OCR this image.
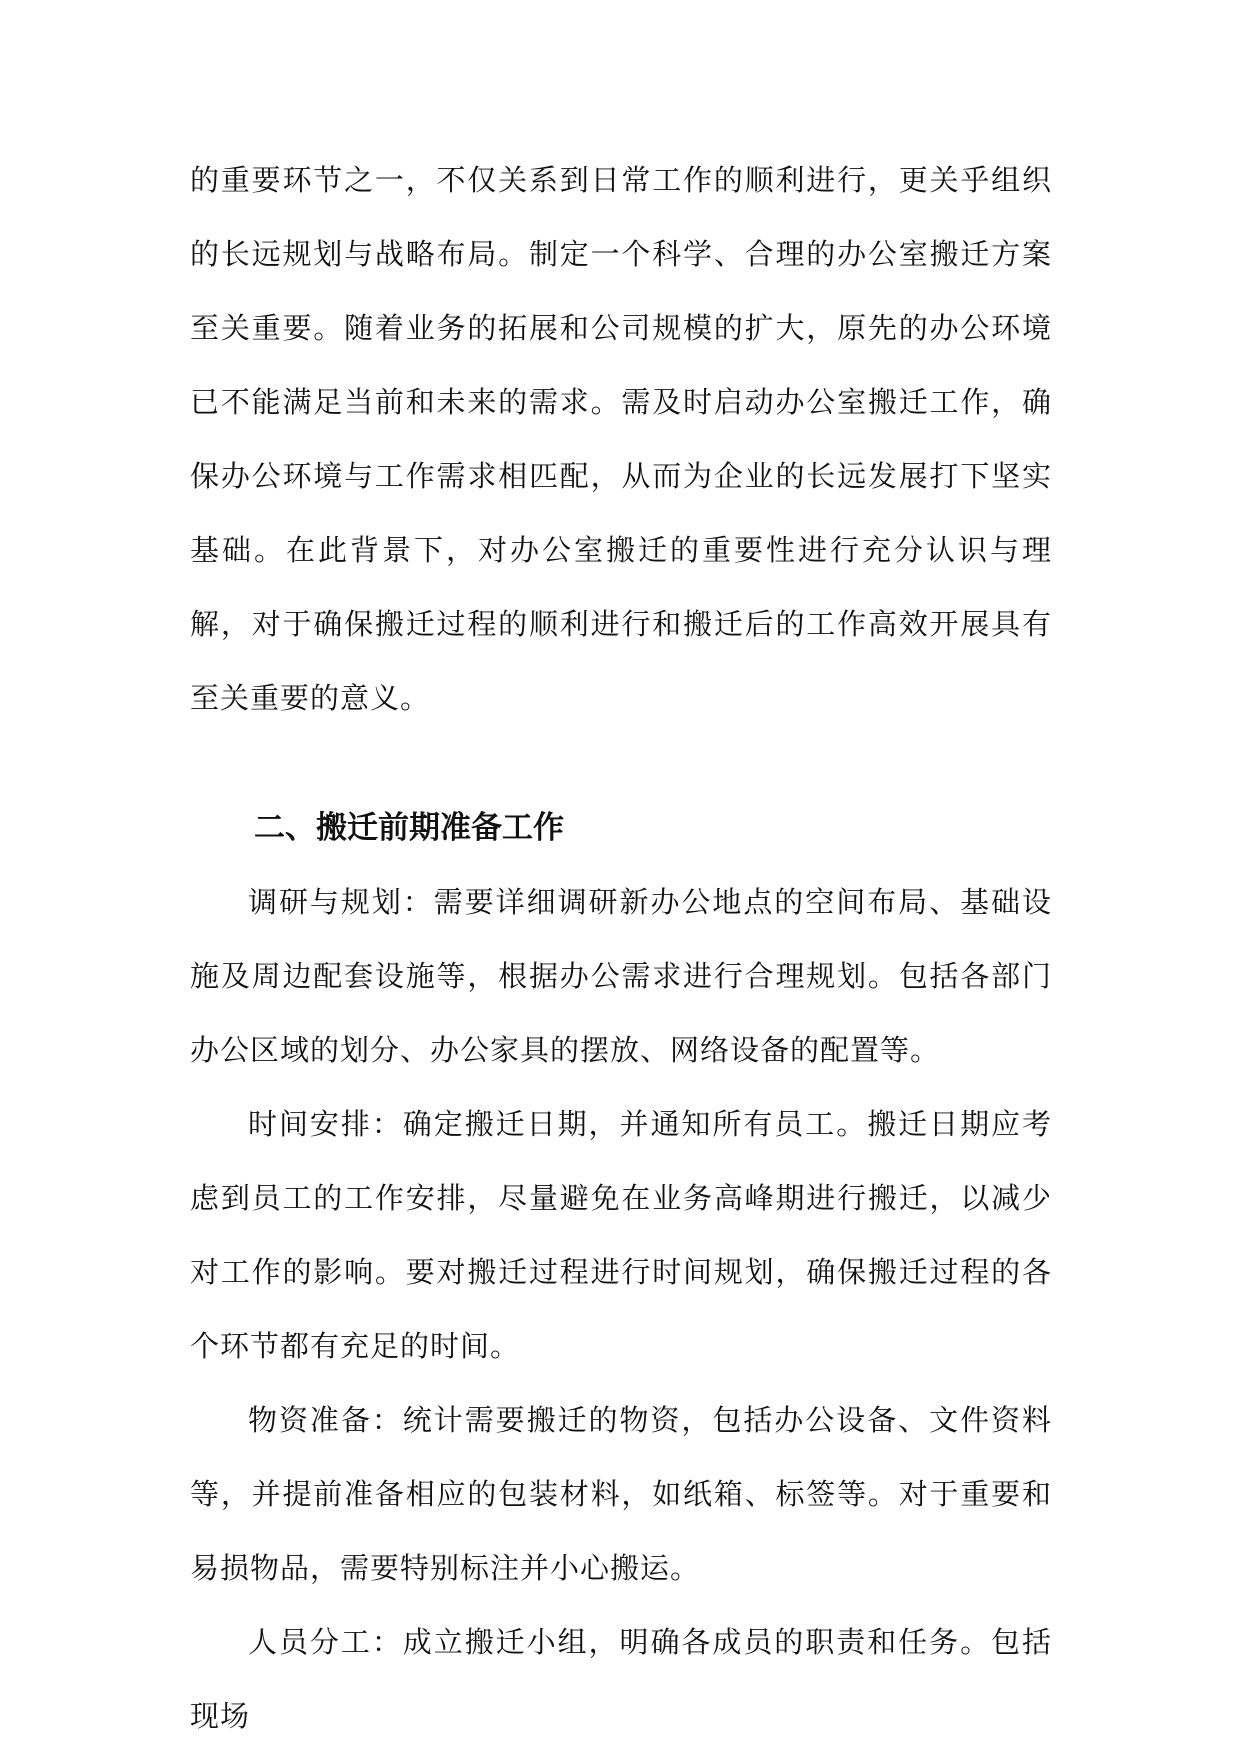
的重要环节之一，不仅关系到日常工作的顺利进行，更关乎组织的长远规划与战略布局。制定一个科学、合理的办公室搬迁方案至关重要。随着业务的拓展和公司规模的扩大，原先的办公环境已不能满足当前和未来的需求。需及时启动办公室搬迁工作，确保办公环境与工作需求相匹配，从而为企业的长远发展打下坚实基础。在此背景下，对办公室搬迁的重要性进行充分认识与理解，对于确保搬迁过程的顺利进行和搬迁后的工作高效开展具有至关重要的意义。

二、搬迁前期准备工作

调研与规划：需要详细调研新办公地点的空间布局、基础设施及周边配套设施等，根据办公需求进行合理规划。包括各部门办公区域的划分、办公家具的摆放、网络设备的配置等。

时间安排：确定搬迁日期，并通知所有员工。搬迁日期应考虑到员工的工作安排，尽量避免在业务高峰期进行搬迁，以减少对工作的影响。要对搬迁过程进行时间规划，确保搬迁过程的各个环节都有充足的时间。

物资准备：统计需要搬迁的物资，包括办公设备、文件资料等，并提前准备相应的包装材料，如纸箱、标签等。对于重要和易损物品，需要特别标注并小心搬运。

人员分工：成立搬迁小组，明确各成员的职责和任务。包括现场
